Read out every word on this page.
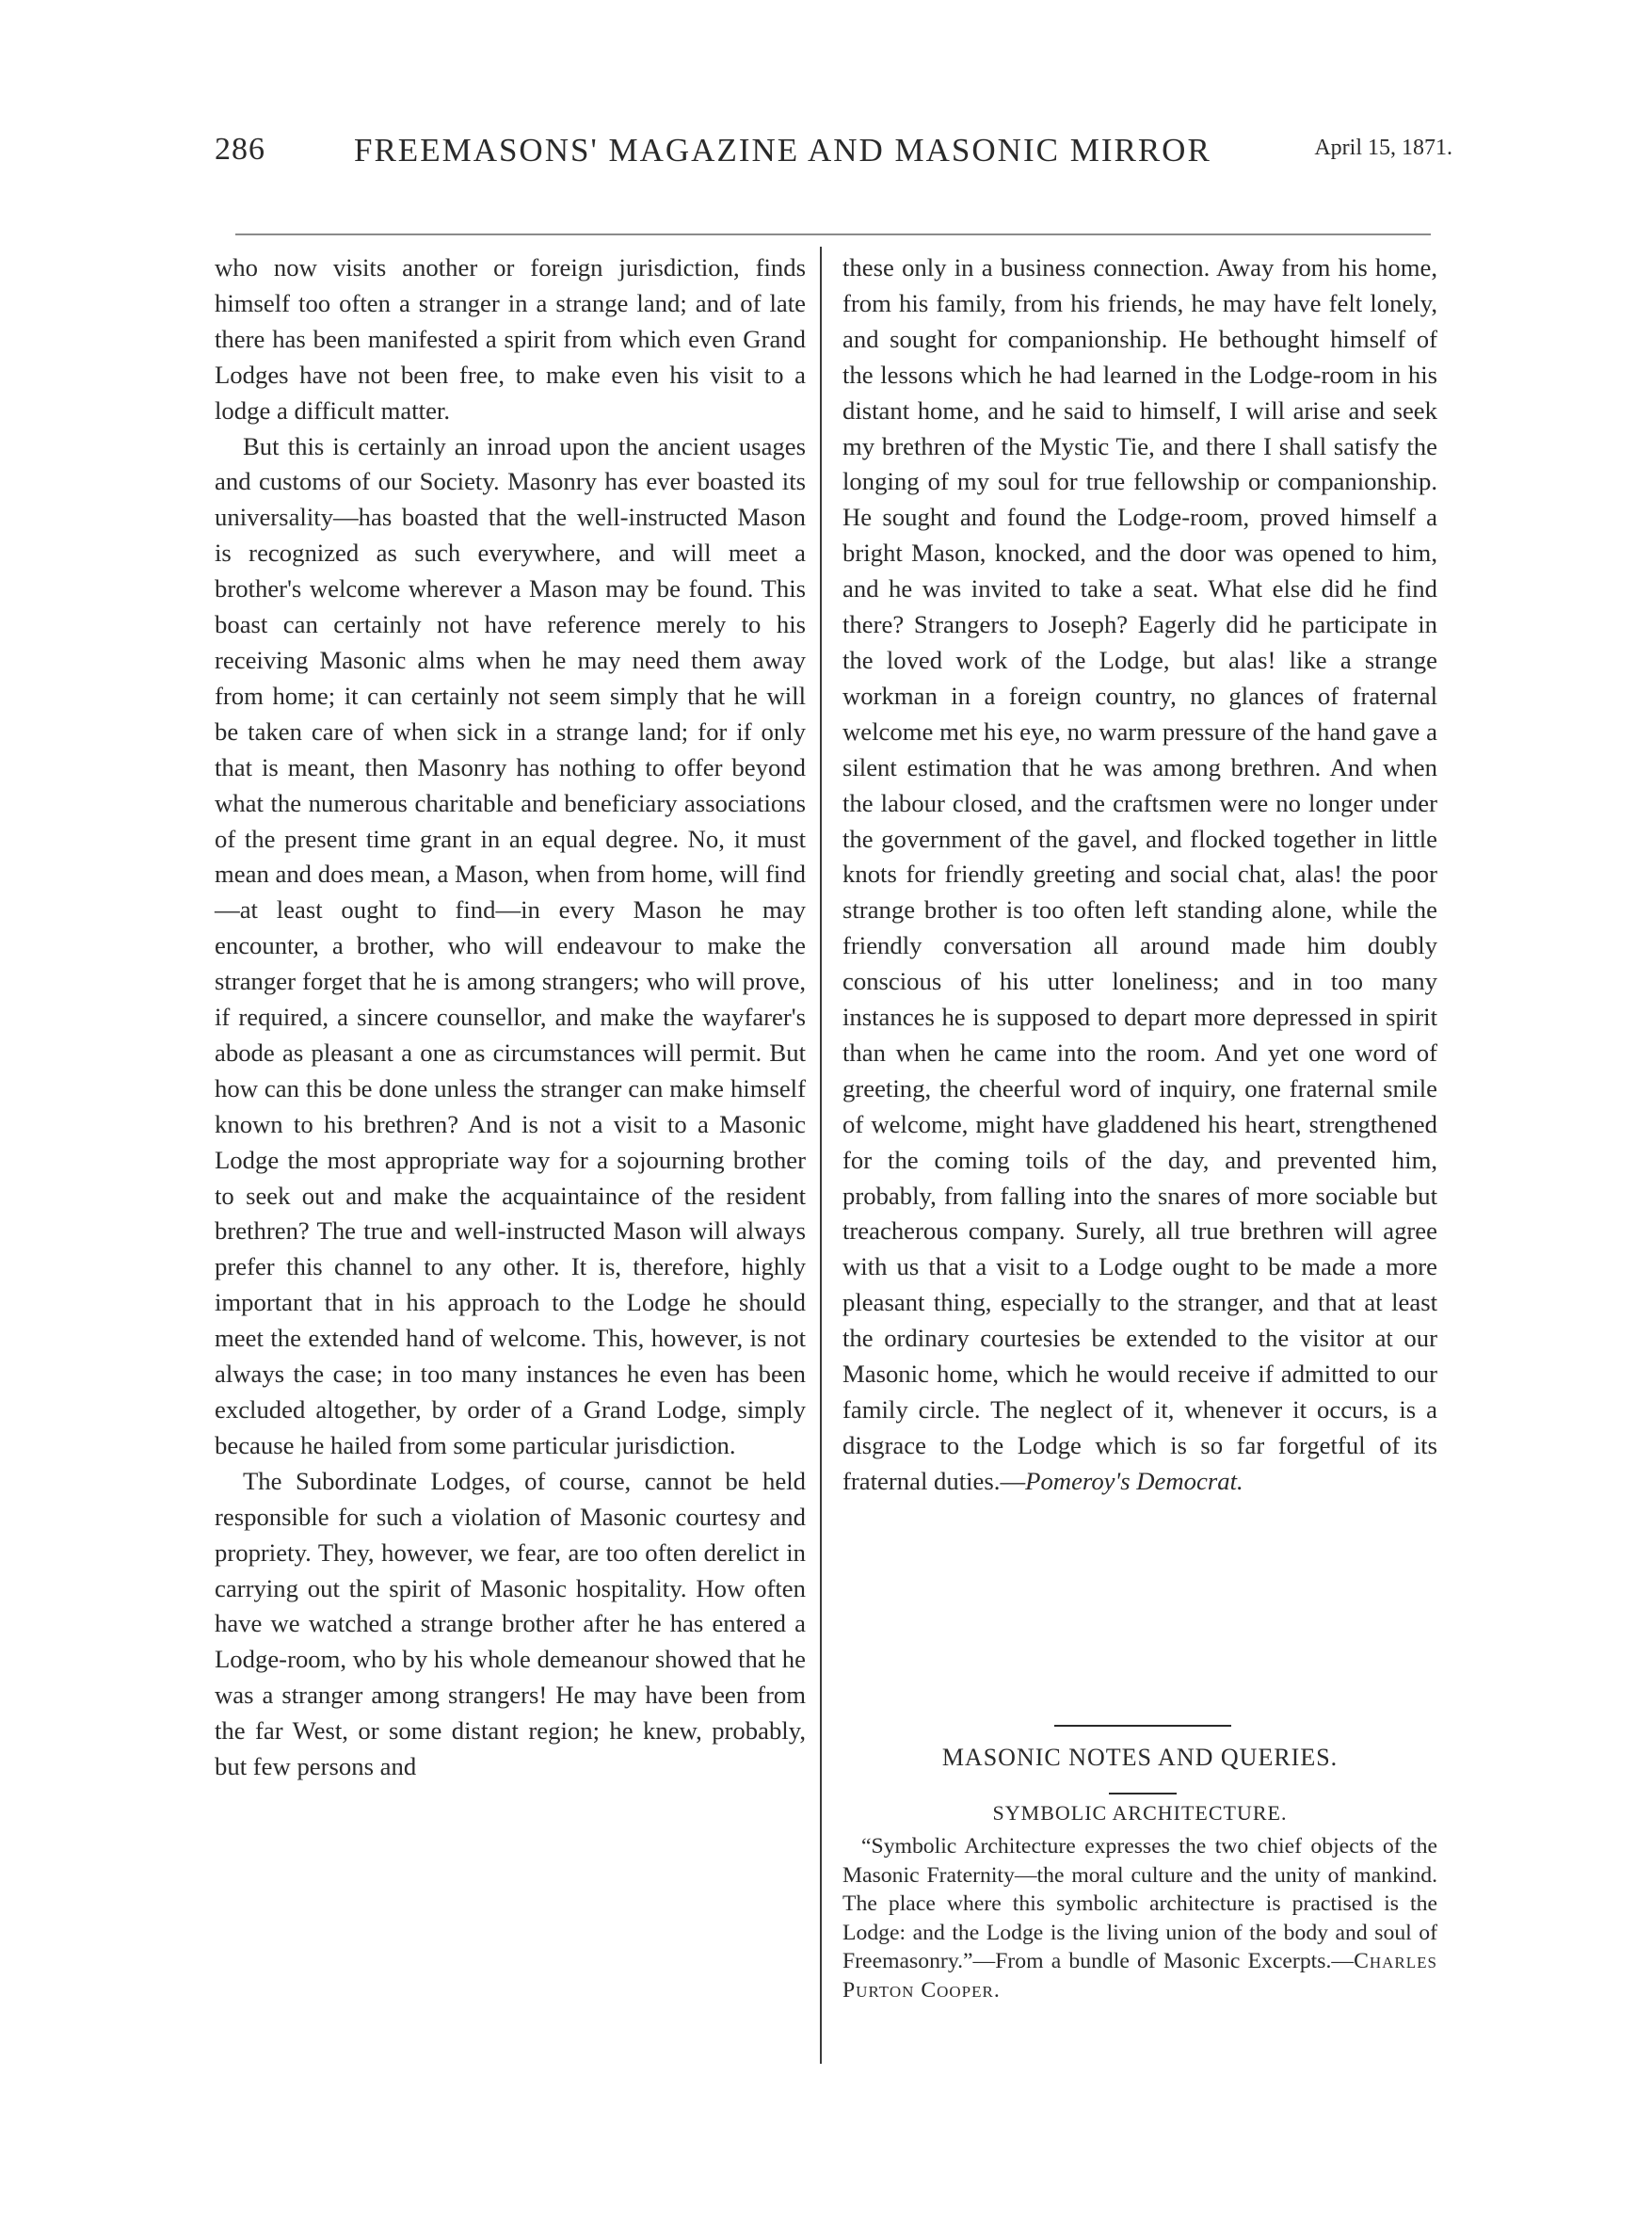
286	FREEMASONS' MAGAZINE AND MASONIC MIRROR	April 15, 1871.

who now visits another or foreign jurisdiction, finds himself too often a stranger in a strange land; and of late there has been manifested a spirit from which even Grand Lodges have not been free, to make even his visit to a lodge a difficult matter.

But this is certainly an inroad upon the ancient usages and customs of our Society. Masonry has ever boasted its universality—has boasted that the well-instructed Mason is recognized as such everywhere, and will meet a brother's welcome wherever a Mason may be found. This boast can certainly not have reference merely to his receiving Masonic alms when he may need them away from home; it can certainly not seem simply that he will be taken care of when sick in a strange land; for if only that is meant, then Masonry has nothing to offer beyond what the numerous charitable and beneficiary associations of the present time grant in an equal degree. No, it must mean and does mean, a Mason, when from home, will find—at least ought to find—in every Mason he may encounter, a brother, who will endeavour to make the stranger forget that he is among strangers; who will prove, if required, a sincere counsellor, and make the wayfarer's abode as pleasant a one as circumstances will permit. But how can this be done unless the stranger can make himself known to his brethren? And is not a visit to a Masonic Lodge the most appropriate way for a sojourning brother to seek out and make the acquaintaince of the resident brethren? The true and well-instructed Mason will always prefer this channel to any other. It is, therefore, highly important that in his approach to the Lodge he should meet the extended hand of welcome. This, however, is not always the case; in too many instances he even has been excluded altogether, by order of a Grand Lodge, simply because he hailed from some particular jurisdiction.

The Subordinate Lodges, of course, cannot be held responsible for such a violation of Masonic courtesy and propriety. They, however, we fear, are too often derelict in carrying out the spirit of Masonic hospitality. How often have we watched a strange brother after he has entered a Lodge-room, who by his whole demeanour showed that he was a stranger among strangers! He may have been from the far West, or some distant region; he knew, probably, but few persons and

these only in a business connection. Away from his home, from his family, from his friends, he may have felt lonely, and sought for companionship. He bethought himself of the lessons which he had learned in the Lodge-room in his distant home, and he said to himself, I will arise and seek my brethren of the Mystic Tie, and there I shall satisfy the longing of my soul for true fellowship or companionship. He sought and found the Lodge-room, proved himself a bright Mason, knocked, and the door was opened to him, and he was invited to take a seat. What else did he find there? Strangers to Joseph? Eagerly did he participate in the loved work of the Lodge, but alas! like a strange workman in a foreign country, no glances of fraternal welcome met his eye, no warm pressure of the hand gave a silent estimation that he was among brethren. And when the labour closed, and the craftsmen were no longer under the government of the gavel, and flocked together in little knots for friendly greeting and social chat, alas! the poor strange brother is too often left standing alone, while the friendly conversation all around made him doubly conscious of his utter loneliness; and in too many instances he is supposed to depart more depressed in spirit than when he came into the room. And yet one word of greeting, the cheerful word of inquiry, one fraternal smile of welcome, might have gladdened his heart, strengthened for the coming toils of the day, and prevented him, probably, from falling into the snares of more sociable but treacherous company. Surely, all true brethren will agree with us that a visit to a Lodge ought to be made a more pleasant thing, especially to the stranger, and that at least the ordinary courtesies be extended to the visitor at our Masonic home, which he would receive if admitted to our family circle. The neglect of it, whenever it occurs, is a disgrace to the Lodge which is so far forgetful of its fraternal duties.—Pomeroy's Democrat.

MASONIC NOTES AND QUERIES.
SYMBOLIC ARCHITECTURE.

“Symbolic Architecture expresses the two chief objects of the Masonic Fraternity—the moral culture and the unity of mankind. The place where this symbolic architecture is practised is the Lodge: and the Lodge is the living union of the body and soul of Freemasonry.”—From a bundle of Masonic Excerpts.—Charles Purton Cooper.
